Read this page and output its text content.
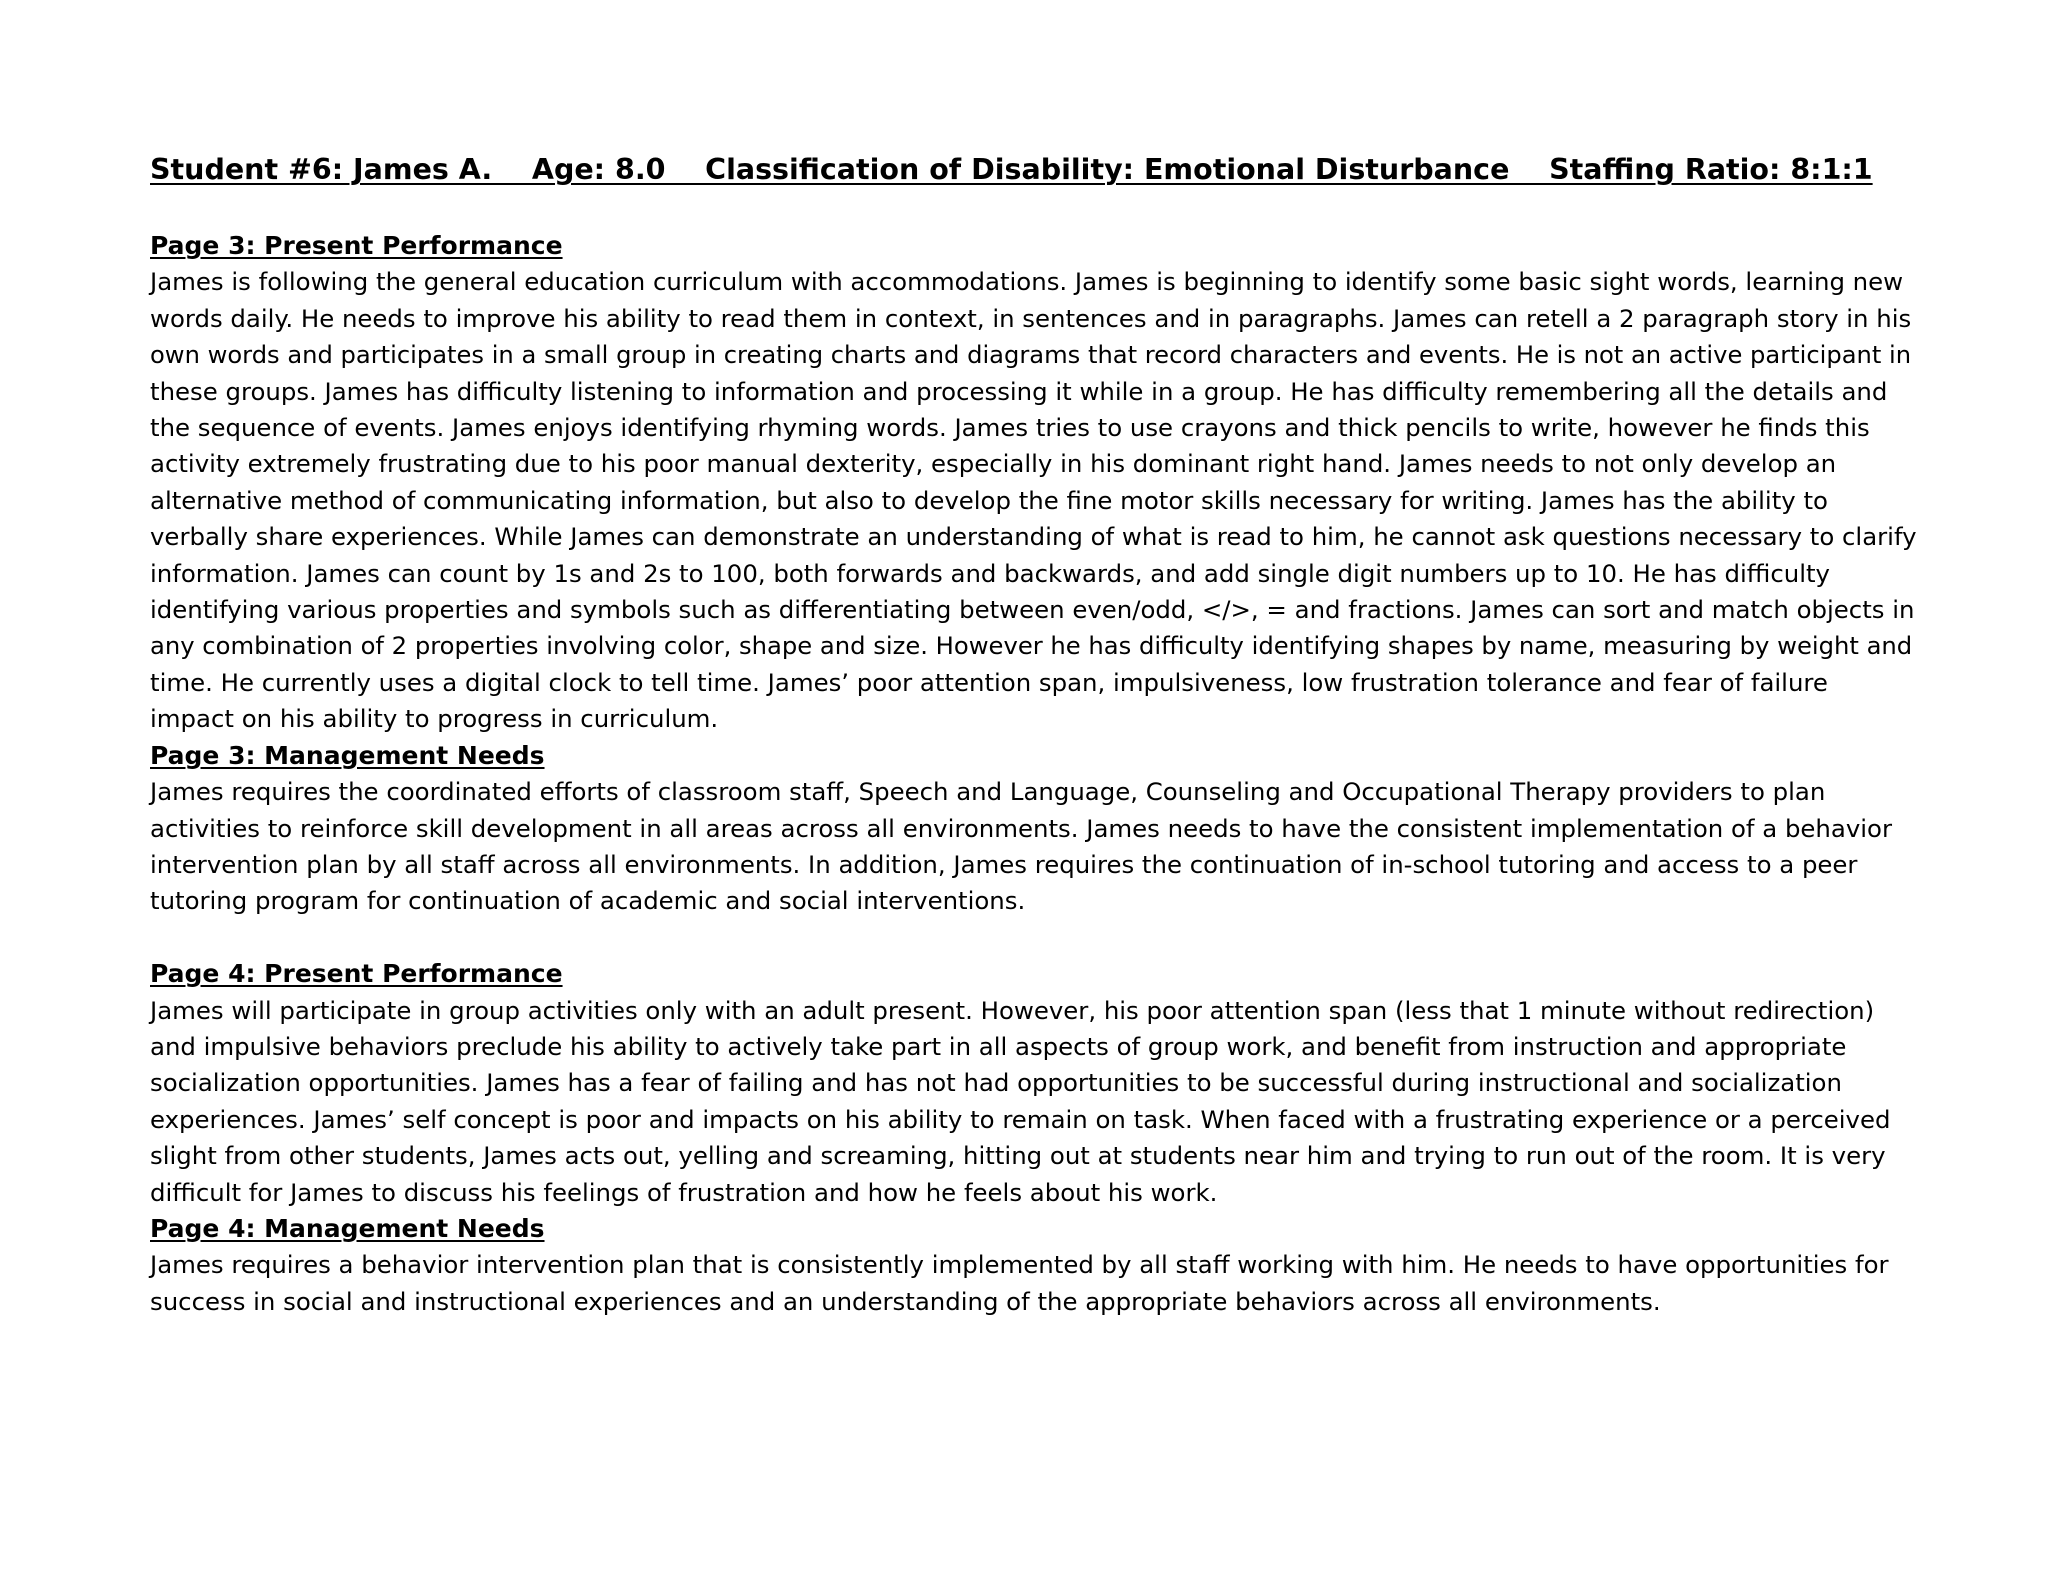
Student #6: James A.    Age: 8.0    Classification of Disability: Emotional Disturbance    Staffing Ratio: 8:1:1
Page 3: Present Performance

James is following the general education curriculum with accommodations. James is beginning to identify some basic sight words, learning new
words daily. He needs to improve his ability to read them in context, in sentences and in paragraphs. James can retell a 2 paragraph story in his
own words and participates in a small group in creating charts and diagrams that record characters and events. He is not an active participant in
these groups. James has difficulty listening to information and processing it while in a group. He has difficulty remembering all the details and
the sequence of events. James enjoys identifying rhyming words. James tries to use crayons and thick pencils to write, however he finds this
activity extremely frustrating due to his poor manual dexterity, especially in his dominant right hand. James needs to not only develop an
alternative method of communicating information, but also to develop the fine motor skills necessary for writing. James has the ability to
verbally share experiences. While James can demonstrate an understanding of what is read to him, he cannot ask questions necessary to clarify
information. James can count by 1s and 2s to 100, both forwards and backwards, and add single digit numbers up to 10. He has difficulty
identifying various properties and symbols such as differentiating between even/odd, </>, = and fractions. James can sort and match objects in
any combination of 2 properties involving color, shape and size. However he has difficulty identifying shapes by name, measuring by weight and
time. He currently uses a digital clock to tell time. James’ poor attention span, impulsiveness, low frustration tolerance and fear of failure
impact on his ability to progress in curriculum.

Page 3: Management Needs

James requires the coordinated efforts of classroom staff, Speech and Language, Counseling and Occupational Therapy providers to plan
activities to reinforce skill development in all areas across all environments. James needs to have the consistent implementation of a behavior
intervention plan by all staff across all environments. In addition, James requires the continuation of in-school tutoring and access to a peer
tutoring program for continuation of academic and social interventions.

Page 4: Present Performance

James will participate in group activities only with an adult present. However, his poor attention span (less that 1 minute without redirection)
and impulsive behaviors preclude his ability to actively take part in all aspects of group work, and benefit from instruction and appropriate
socialization opportunities. James has a fear of failing and has not had opportunities to be successful during instructional and socialization
experiences. James’ self concept is poor and impacts on his ability to remain on task. When faced with a frustrating experience or a perceived
slight from other students, James acts out, yelling and screaming, hitting out at students near him and trying to run out of the room. It is very
difficult for James to discuss his feelings of frustration and how he feels about his work.

Page 4: Management Needs

James requires a behavior intervention plan that is consistently implemented by all staff working with him. He needs to have opportunities for
success in social and instructional experiences and an understanding of the appropriate behaviors across all environments.
